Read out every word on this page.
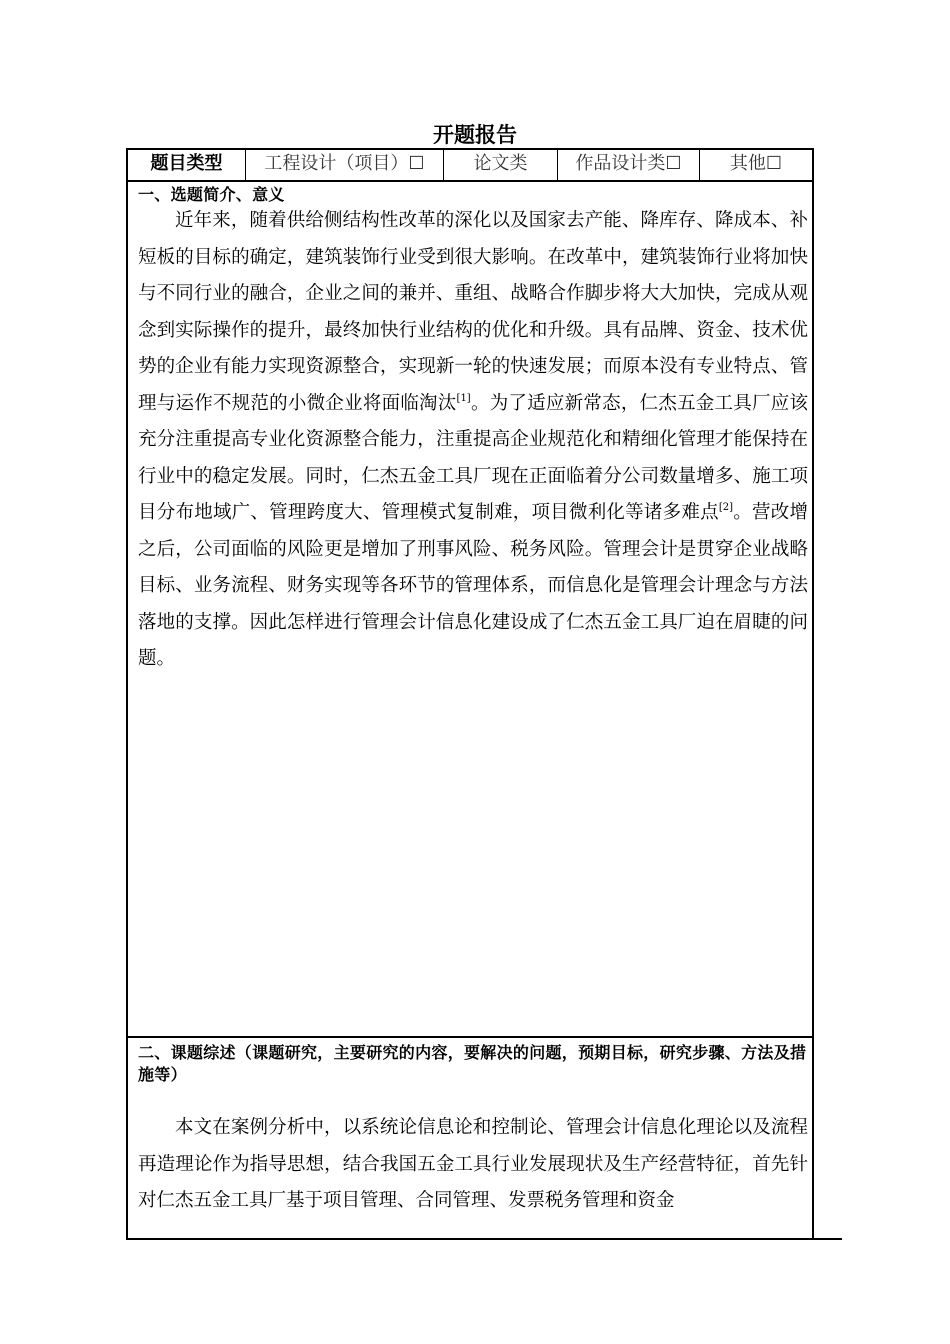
开题报告
题目类型	工程设计（项目）☐	论文类	作品设计类☐	其他☐
一、选题简介、意义
近年来，随着供给侧结构性改革的深化以及国家去产能、降库存、降成本、补短板的目标的确定，建筑装饰行业受到很大影响。在改革中，建筑装饰行业将加快与不同行业的融合，企业之间的兼并、重组、战略合作脚步将大大加快，完成从观念到实际操作的提升，最终加快行业结构的优化和升级。具有品牌、资金、技术优势的企业有能力实现资源整合，实现新一轮的快速发展；而原本没有专业特点、管理与运作不规范的小微企业将面临淘汰[1]。为了适应新常态，仁杰五金工具厂应该充分注重提高专业化资源整合能力，注重提高企业规范化和精细化管理才能保持在行业中的稳定发展。同时，仁杰五金工具厂现在正面临着分公司数量增多、施工项目分布地域广、管理跨度大、管理模式复制难，项目微利化等诸多难点[2]。营改增之后，公司面临的风险更是增加了刑事风险、税务风险。管理会计是贯穿企业战略目标、业务流程、财务实现等各环节的管理体系，而信息化是管理会计理念与方法落地的支撑。因此怎样进行管理会计信息化建设成了仁杰五金工具厂迫在眉睫的问题。
二、课题综述（课题研究，主要研究的内容，要解决的问题，预期目标，研究步骤、方法及措施等）
本文在案例分析中，以系统论信息论和控制论、管理会计信息化理论以及流程再造理论作为指导思想，结合我国五金工具行业发展现状及生产经营特征，首先针对仁杰五金工具厂基于项目管理、合同管理、发票税务管理和资金
